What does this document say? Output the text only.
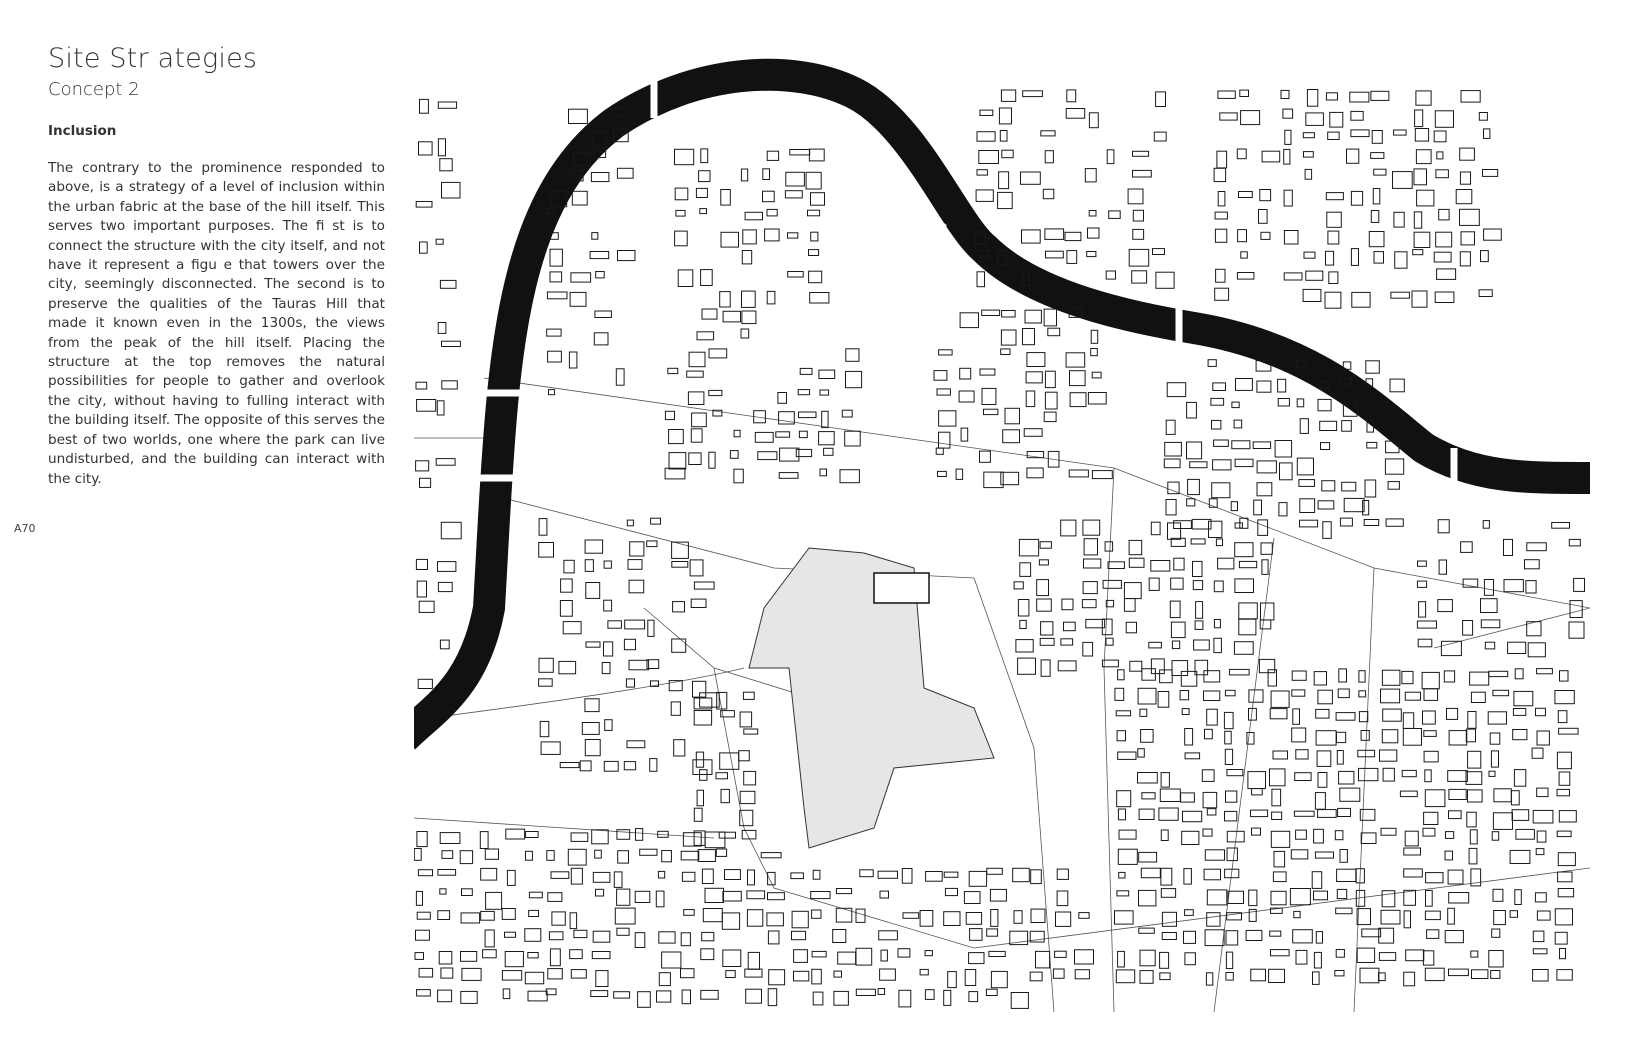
Site Str ategies
Concept 2
Inclusion

The contrary to the prominence responded to above, is a strategy of a level of inclusion within the urban fabric at the base of the hill itself. This serves two important purposes. The fi st is to connect the structure with the city itself, and not have it represent a figu e that towers over the city, seemingly disconnected. The second is to preserve the qualities of the Tauras Hill that made it known even in the 1300s, the views from the peak of the hill itself. Placing the structure at the top removes the natural possibilities for people to gather and overlook the city, without having to fulling interact with the building itself. The opposite of this serves the best of two worlds, one where the park can live undisturbed, and the building can interact with the city.

A70
